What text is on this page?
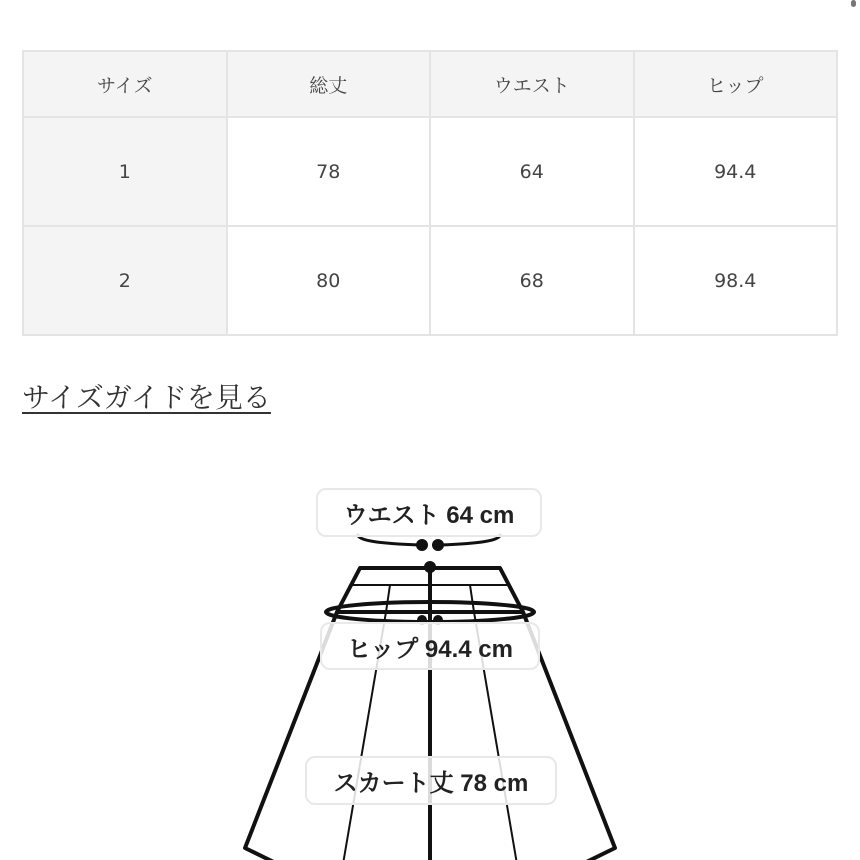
サイズ	総丈	ウエスト	ヒップ
1	78	64	94.4
2	80	68	98.4
サイズガイドを見る
ウエスト 64 cm
ヒップ 94.4 cm
スカート丈 78 cm
